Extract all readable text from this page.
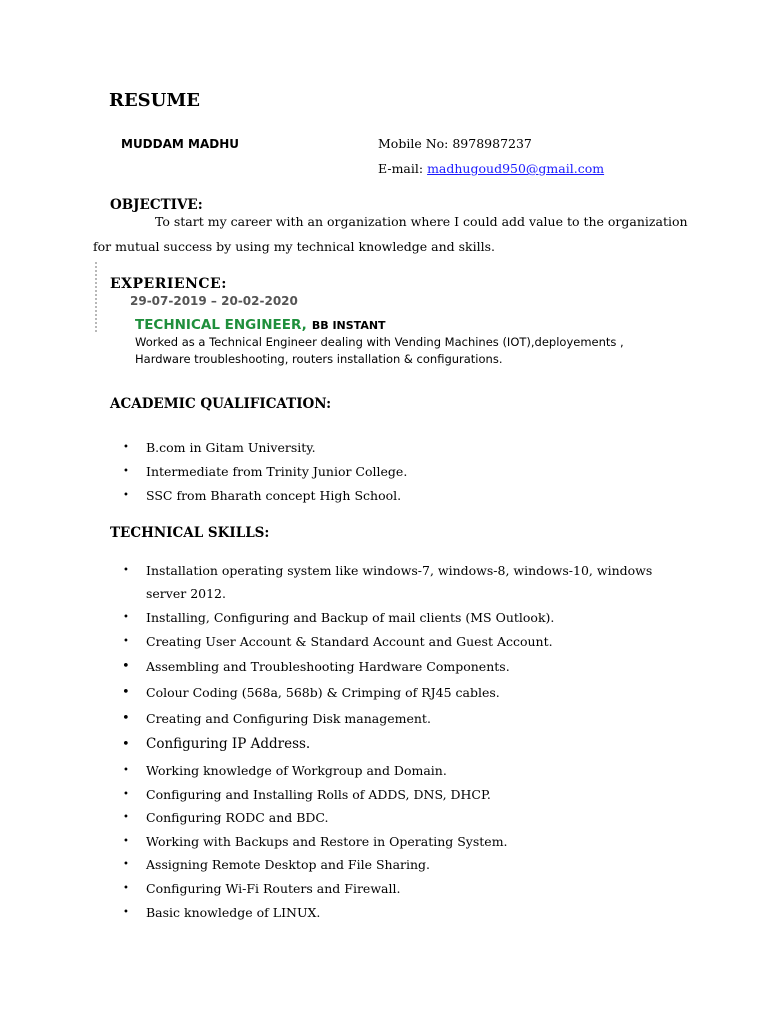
RESUME
MUDDAM MADHU	Mobile No: 8978987237
E-mail: madhugoud950@gmail.com
OBJECTIVE:
To start my career with an organization where I could add value to the organization
for mutual success by using my technical knowledge and skills.
EXPERIENCE:
29-07-2019 – 20-02-2020
TECHNICAL ENGINEER, BB INSTANT
Worked as a Technical Engineer dealing with Vending Machines (IOT),deployements ,
Hardware troubleshooting, routers installation & configurations.
ACADEMIC QUALIFICATION:
• B.com in Gitam University.
• Intermediate from Trinity Junior College.
• SSC from Bharath concept High School.
TECHNICAL SKILLS:
• Installation operating system like windows-7, windows-8, windows-10, windows
server 2012.
• Installing, Configuring and Backup of mail clients (MS Outlook).
• Creating User Account & Standard Account and Guest Account.
• Assembling and Troubleshooting Hardware Components.
• Colour Coding (568a, 568b) & Crimping of RJ45 cables.
• Creating and Configuring Disk management.
• Configuring IP Address.
• Working knowledge of Workgroup and Domain.
• Configuring and Installing Rolls of ADDS, DNS, DHCP.
• Configuring RODC and BDC.
• Working with Backups and Restore in Operating System.
• Assigning Remote Desktop and File Sharing.
• Configuring Wi-Fi Routers and Firewall.
• Basic knowledge of LINUX.
